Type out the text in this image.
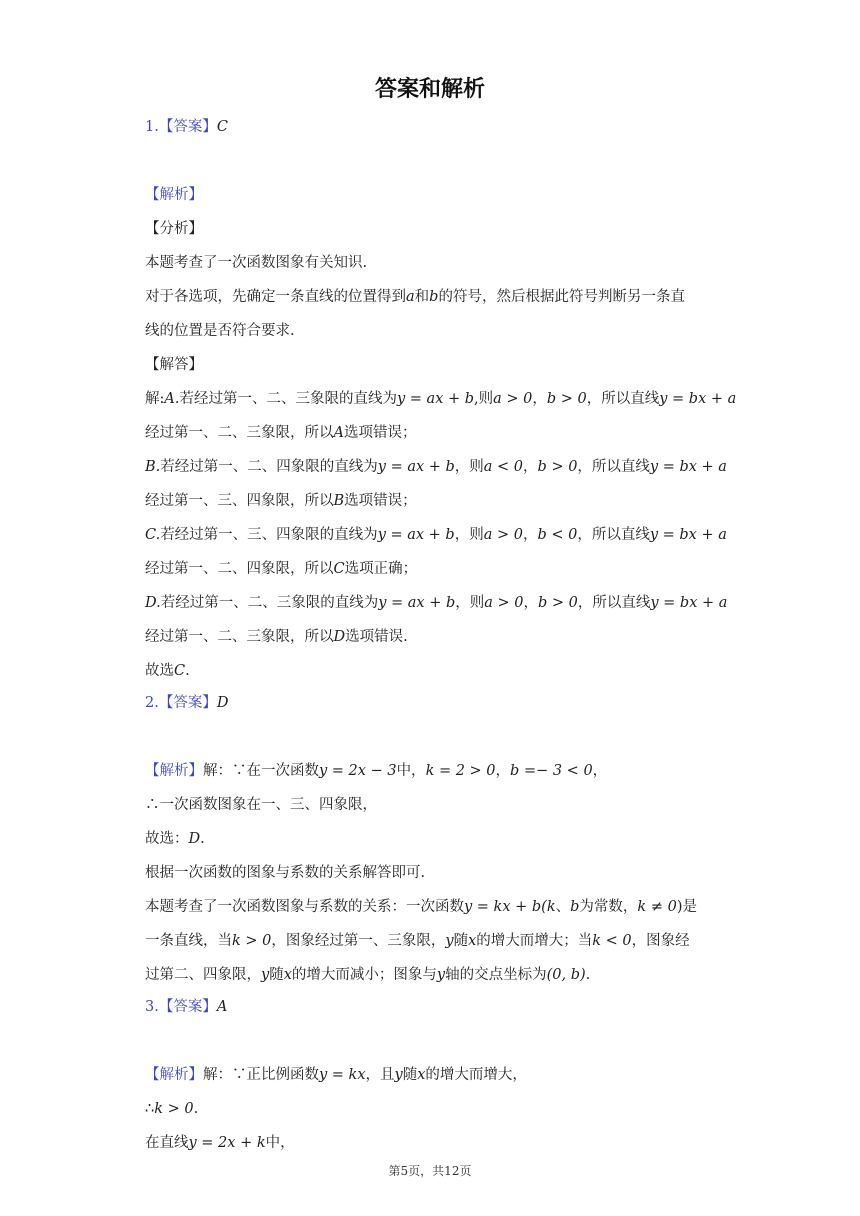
答案和解析
1.【答案】C
【解析】
【分析】
本题考查了一次函数图象有关知识.
对于各选项，先确定一条直线的位置得到a和b的符号，然后根据此符号判断另一条直
线的位置是否符合要求.
【解答】
解:A.若经过第一、二、三象限的直线为y = ax + b,则a > 0，b > 0，所以直线y = bx + a
经过第一、二、三象限，所以A选项错误；
B.若经过第一、二、四象限的直线为y = ax + b，则a < 0，b > 0，所以直线y = bx + a
经过第一、三、四象限，所以B选项错误；
C.若经过第一、三、四象限的直线为y = ax + b，则a > 0，b < 0，所以直线y = bx + a
经过第一、二、四象限，所以C选项正确；
D.若经过第一、二、三象限的直线为y = ax + b，则a > 0，b > 0，所以直线y = bx + a
经过第一、二、三象限，所以D选项错误.
故选C.
2.【答案】D
【解析】解：∵在一次函数y = 2x − 3中，k = 2 > 0，b =− 3 < 0，
∴一次函数图象在一、三、四象限，
故选：D.
根据一次函数的图象与系数的关系解答即可.
本题考查了一次函数图象与系数的关系：一次函数y = kx + b(k、b为常数，k ≠ 0)是
一条直线，当k > 0，图象经过第一、三象限，y随x的增大而增大；当k < 0，图象经
过第二、四象限，y随x的增大而减小；图象与y轴的交点坐标为(0, b).
3.【答案】A
【解析】解：∵正比例函数y = kx，且y随x的增大而增大，
∴k > 0.
在直线y = 2x + k中，
第5页，共12页
